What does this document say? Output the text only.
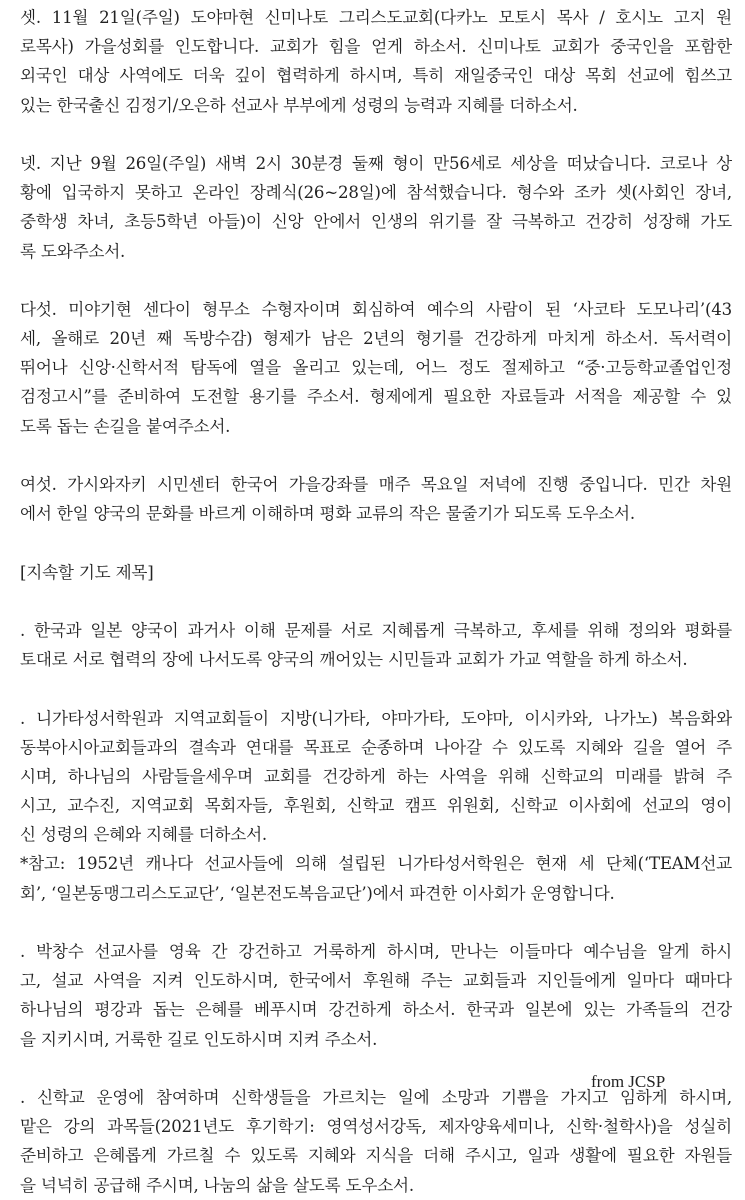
셋. 11월 21일(주일) 도야마현 신미나토 그리스도교회(다카노 모토시 목사 / 호시노 고지 원
로목사) 가을성회를 인도합니다. 교회가 힘을 얻게 하소서. 신미나토 교회가 중국인을 포함한
외국인 대상 사역에도 더욱 깊이 협력하게 하시며, 특히 재일중국인 대상 목회 선교에 힘쓰고
있는 한국출신 김정기/오은하 선교사 부부에게 성령의 능력과 지혜를 더하소서.
넷. 지난 9월 26일(주일) 새벽 2시 30분경 둘째 형이 만56세로 세상을 떠났습니다. 코로나 상
황에 입국하지 못하고 온라인 장례식(26~28일)에 참석했습니다. 형수와 조카 셋(사회인 장녀,
중학생 차녀, 초등5학년 아들)이 신앙 안에서 인생의 위기를 잘 극복하고 건강히 성장해 가도
록 도와주소서.
다섯. 미야기현 센다이 형무소 수형자이며 회심하여 예수의 사람이 된 ‘사코타 도모나리’(43
세, 올해로 20년 째 독방수감) 형제가 남은 2년의 형기를 건강하게 마치게 하소서. 독서력이
뛰어나 신앙·신학서적 탐독에 열을 올리고 있는데, 어느 정도 절제하고 “중·고등학교졸업인정
검정고시”를 준비하여 도전할 용기를 주소서. 형제에게 필요한 자료들과 서적을 제공할 수 있
도록 돕는 손길을 붙여주소서.
여섯. 가시와자키 시민센터 한국어 가을강좌를 매주 목요일 저녁에 진행 중입니다. 민간 차원
에서 한일 양국의 문화를 바르게 이해하며 평화 교류의 작은 물줄기가 되도록 도우소서.
[지속할 기도 제목]
. 한국과 일본 양국이 과거사 이해 문제를 서로 지혜롭게 극복하고, 후세를 위해 정의와 평화를
토대로 서로 협력의 장에 나서도록 양국의 깨어있는 시민들과 교회가 가교 역할을 하게 하소서.
. 니가타성서학원과 지역교회들이 지방(니가타, 야마가타, 도야마, 이시카와, 나가노) 복음화와
동북아시아교회들과의 결속과 연대를 목표로 순종하며 나아갈 수 있도록 지혜와 길을 열어 주
시며, 하나님의 사람들을세우며 교회를 건강하게 하는 사역을 위해 신학교의 미래를 밝혀 주
시고, 교수진, 지역교회 목회자들, 후원회, 신학교 캠프 위원회, 신학교 이사회에 선교의 영이
신 성령의 은혜와 지혜를 더하소서.
*참고: 1952년 캐나다 선교사들에 의해 설립된 니가타성서학원은 현재 세 단체(‘TEAM선교
회’, ‘일본동맹그리스도교단’, ‘일본전도복음교단’)에서 파견한 이사회가 운영합니다.
. 박창수 선교사를 영육 간 강건하고 거룩하게 하시며, 만나는 이들마다 예수님을 알게 하시
고, 설교 사역을 지켜 인도하시며, 한국에서 후원해 주는 교회들과 지인들에게 일마다 때마다
하나님의 평강과 돕는 은혜를 베푸시며 강건하게 하소서. 한국과 일본에 있는 가족들의 건강
을 지키시며, 거룩한 길로 인도하시며 지켜 주소서.
. 신학교 운영에 참여하며 신학생들을 가르치는 일에 소망과 기쁨을 가지고 임하게 하시며,
맡은 강의 과목들(2021년도 후기학기: 영역성서강독, 제자양육세미나, 신학·철학사)을 성실히
준비하고 은혜롭게 가르칠 수 있도록 지혜와 지식을 더해 주시고, 일과 생활에 필요한 자원들
을 넉넉히 공급해 주시며, 나눔의 삶을 살도록 도우소서.
from JCSP
